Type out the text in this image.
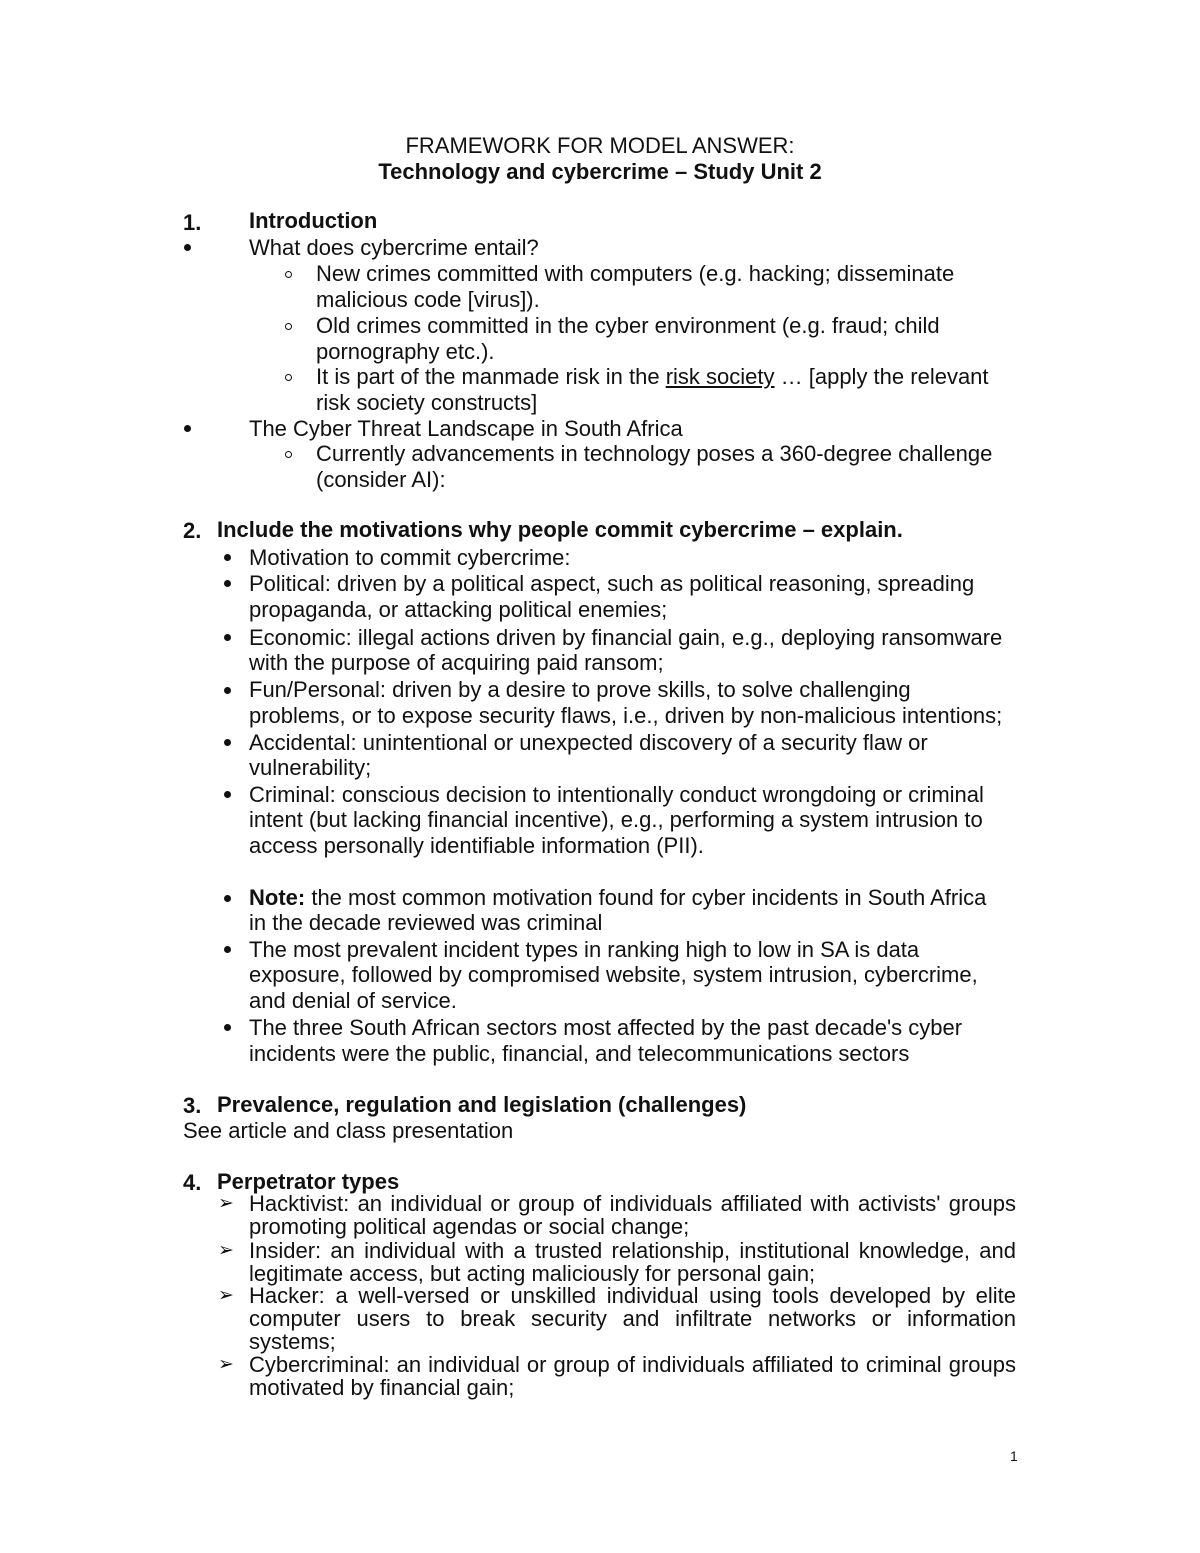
FRAMEWORK FOR MODEL ANSWER:
Technology and cybercrime – Study Unit 2
1. Introduction
What does cybercrime entail?
New crimes committed with computers (e.g. hacking; disseminate
malicious code [virus]).
Old crimes committed in the cyber environment (e.g. fraud; child
pornography etc.).
It is part of the manmade risk in the risk society … [apply the relevant
risk society constructs]
The Cyber Threat Landscape in South Africa
Currently advancements in technology poses a 360-degree challenge
(consider AI):
2. Include the motivations why people commit cybercrime – explain.
Motivation to commit cybercrime:
Political: driven by a political aspect, such as political reasoning, spreading
propaganda, or attacking political enemies;
Economic: illegal actions driven by financial gain, e.g., deploying ransomware
with the purpose of acquiring paid ransom;
Fun/Personal: driven by a desire to prove skills, to solve challenging
problems, or to expose security flaws, i.e., driven by non-malicious intentions;
Accidental: unintentional or unexpected discovery of a security flaw or
vulnerability;
Criminal: conscious decision to intentionally conduct wrongdoing or criminal
intent (but lacking financial incentive), e.g., performing a system intrusion to
access personally identifiable information (PII).
Note: the most common motivation found for cyber incidents in South Africa
in the decade reviewed was criminal
The most prevalent incident types in ranking high to low in SA is data
exposure, followed by compromised website, system intrusion, cybercrime,
and denial of service.
The three South African sectors most affected by the past decade's cyber
incidents were the public, financial, and telecommunications sectors
3. Prevalence, regulation and legislation (challenges)
See article and class presentation
4. Perpetrator types
➢ Hacktivist: an individual or group of individuals affiliated with activists' groups promoting political agendas or social change;
➢ Insider: an individual with a trusted relationship, institutional knowledge, and legitimate access, but acting maliciously for personal gain;
➢ Hacker: a well-versed or unskilled individual using tools developed by elite computer users to break security and infiltrate networks or information systems;
➢ Cybercriminal: an individual or group of individuals affiliated to criminal groups motivated by financial gain;
1
